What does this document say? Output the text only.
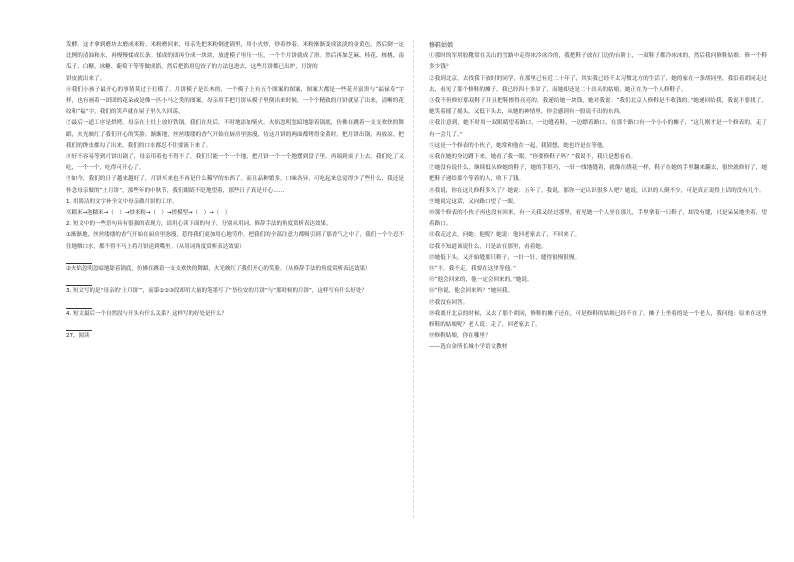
发酵。这才拿到磨坊去磨成米粉。米粉磨回来，母亲先把米粉倒进锅里，用小火炒，炒着炒着，米粉渐渐变成淡淡的金黄色，然后倒一定比例的清油和水，再慢慢揉成长条。揉成的团再分成一块块，放进模子里压一压，一个个月饼就成了形。然后再加芝麻、桂花、核桃、南瓜子、白糖、冰糖、葡萄干等等做成馅，然后把馅用包饺子的方法包进去，这些月饼都已出炉，月饼的

饼皮就出来了。

⑥我们小孩子最开心的事情莫过于打模了。月饼模子是长木的，一个模子上有五个图案的图案，图案大都是一些花开富贵与“福禄寿”字样，也有画着一团团的花朵或是像一匹小马之类的图案，母亲用手把月饼从模子里倒出来时候，一个个精致的月饼就显了出来，清晰的花纹和“福”字，我们的笑声就在屋子里久久回荡。

⑦最后一道工序是烘烤。母亲在土灶上放好铁锅。我们在灶后，不时地添加柴火。火焰忽明忽暗地舔着锅底，仿佛在跳着一支支欢快的舞蹈，火光映红了我们开心的笑脸。渐渐地，丝丝缕缕的香气开始在厨房里弥漫，待这月饼的两面都烤得金黄时，把月饼出锅，再放凉。把我们的馋虫都勾了出来，我们的口水都忍不住要流下来了。

⑧好不容易等到月饼出锅了，母亲用着也不得不了，我们只能一个一个地，把月饼一个一个地摆到盘子里，再端到桌子上去，我们吃了又吃，一个一个，吃得可开心了。

⑨如今，我们的日子越来越好了，月饼买来也不再是什么稀罕的东西了。而且品种繁多，口味各异，可吃起来总觉得少了些什么，我还是怀念母亲做的“土月饼”，那些年的中秋节，我们眼睛不眨地望着，那些日子真是开心……

1. 用简洁的文字补全文中母亲做月饼的工序。

买糯米→泡糯米→（　）→炒米粉→（　）→搓模型→（　）→（　）

2. 短文中的一些语句具有很强的表现力，请用心读下面的句子，分别从用词、修辞手法的角度赏析表达效果。

①渐渐地，丝丝缕缕的香气开始在厨房里弥漫，惹得我们更加用心地劳作，把我们的全部注意力都吸引到了那香气之中了，我们一个个忍不住地咽口水，都不得不马上将月饼送到嘴里。（从用词角度赏析表达效果）

②火焰忽明忽暗地舔着锅底，仿佛在跳着一支支欢快的舞蹈，火光映红了我们开心的笑脸。（从修辞手法的角度赏析表达效果）

3. 短文写的是“母亲的‘土月饼’”，而第①②③段却用大量的笔墨写了“垦位安的月饼”与“那时候的月饼”，这样写有什么好处？

4. 短文最后一个自然段与开头有什么关系？这样写的好处是什么？

27、阅读

修鞋姑娘

①那时的军用胶靴常在关山的雪路中走得冰冷冰冷的，我把鞋子放在门边的台阶上，一双鞋子都冷冰冰的，然后我问修鞋姑娘：修一个鞋多少钱？

②我到北京，去找我下放时的同学，在那里已有近二十年了，其实我已经不太习惯北方的生活了，她的家在一条胡同里，我沿着胡同走过去，看见了那个修鞋的摊子，我已经四十多岁了，而她却还是二十出头的姑娘，她正在为一个人修鞋子。

③我不但修好那双鞋子并且把鞋擦得亮亮的，我递给她一块钱，她对我说：“我们北京人修鞋是不收钱的。”她递回给我，我说不要找了，她笑着摇了摇头，又低下头去，从她的神情里，你会感到有一股说不出的东西。

④我注意到，她不时用一双眼睛望着路口，一边缝着鞋，一边瞟着路口，在那个路口有一个小小的摊子，“这儿刚才是一个修表的，走了有一会儿了。”

⑤这是一个修表的小伙子，她常和他在一起，我猜想，她也许是在等他。

⑥我在她的身边蹲下来，她看了我一眼，“你要修鞋子吗？”我说不，我只是想看看。

⑦她没有说什么，继续低头修她的鞋子，她的手很巧，一针一线地缝着，就像在绣花一样，鞋子在她的手里翻来翻去，很快就修好了，她把鞋子递给那个等着的人，收下了钱。

⑧我说，你在这儿修鞋多久了？她说：五年了。我说，那你一定认识很多人吧？她说，认识的人倒不少，可是真正说得上话的没有几个。

⑨她说完这话，又向路口望了一眼。

⑩那个修表的小伙子再也没有回来，有一天我又经过那里，看见她一个人坐在那儿，手里拿着一只鞋子，却没有缝，只是呆呆地坐着，望着路口。

⑪我走过去，问她：他呢？她说：他回老家去了，不回来了。

⑫我不知道该说什么，只是站在那里，看着她。

⑬她低下头，又开始缝那只鞋子，一针一针，缝得很慢很慢。

⑭“不，我不走，我要在这里等他。”

⑮“他会回来的，他一定会回来的。”她说。

⑯“你说，他会回来吗？”她问我。

⑰我没有回答。

⑱我离开北京的时候，又去了那个胡同，修鞋的摊子还在，可是修鞋的姑娘已经不在了，摊子上坐着的是一个老人，我问他：原来在这里修鞋的姑娘呢？老人说：走了，回老家去了。

⑲修鞋姑娘，你在哪里？

——选自金所长城小学语文教材
